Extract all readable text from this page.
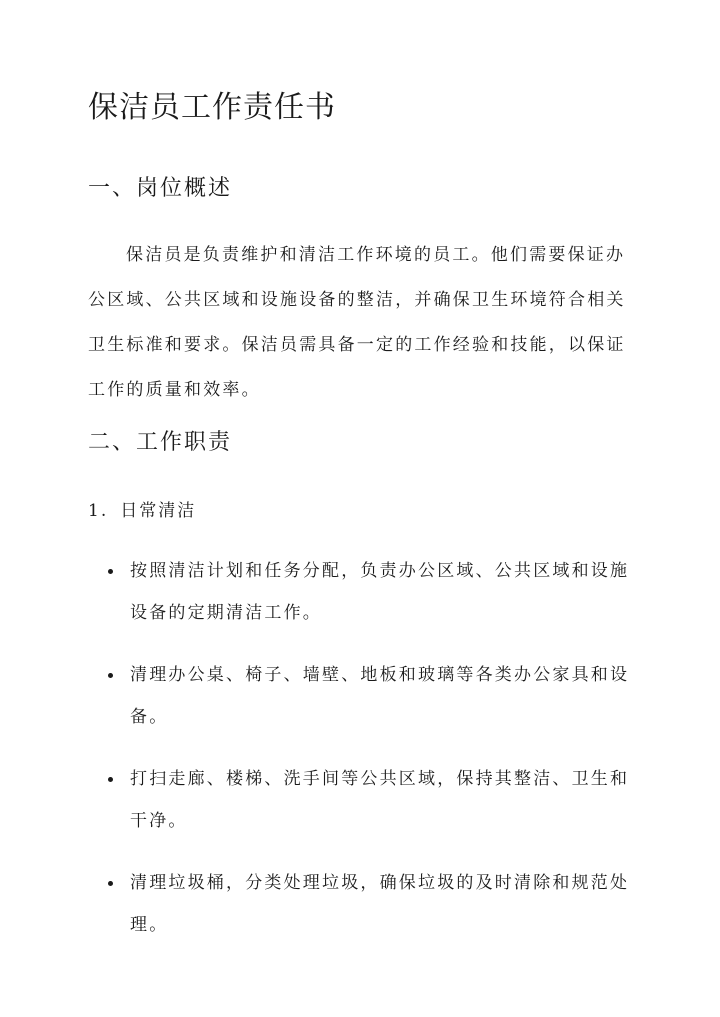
保洁员工作责任书
一、岗位概述

保洁员是负责维护和清洁工作环境的员工。他们需要保证办公区域、公共区域和设施设备的整洁，并确保卫生环境符合相关卫生标准和要求。保洁员需具备一定的工作经验和技能，以保证工作的质量和效率。

二、工作职责
1. 日常清洁
按照清洁计划和任务分配，负责办公区域、公共区域和设施设备的定期清洁工作。
清理办公桌、椅子、墙壁、地板和玻璃等各类办公家具和设备。
打扫走廊、楼梯、洗手间等公共区域，保持其整洁、卫生和干净。
清理垃圾桶，分类处理垃圾，确保垃圾的及时清除和规范处理。
